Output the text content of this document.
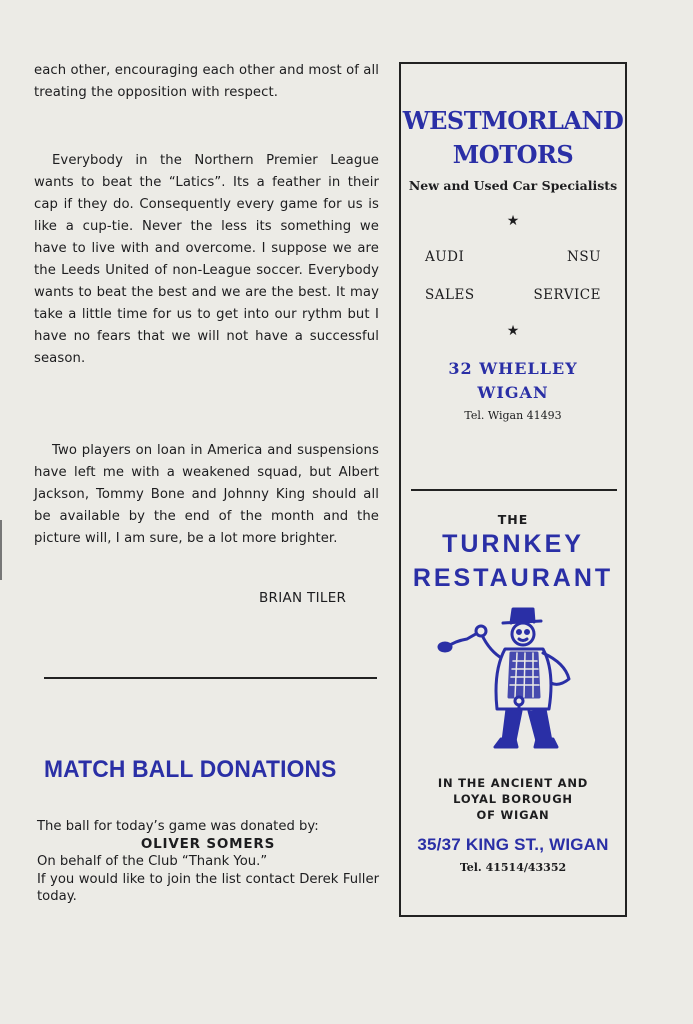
each other, encouraging each other and most of all treating the opposition with respect.

Everybody in the Northern Premier League wants to beat the “Latics”. Its a feather in their cap if they do. Consequently every game for us is like a cup-tie. Never the less its something we have to live with and overcome. I suppose we are the Leeds United of non-League soccer. Everybody wants to beat the best and we are the best. It may take a little time for us to get into our rythm but I have no fears that we will not have a successful season.

Two players on loan in America and suspensions have left me with a weakened squad, but Albert Jackson, Tommy Bone and Johnny King should all be available by the end of the month and the picture will, I am sure, be a lot more brighter.

BRIAN TILER
MATCH BALL DONATIONS
The ball for today’s game was donated by:
OLIVER SOMERS
On behalf of the Club “Thank You.”
If you would like to join the list contact Derek Fuller today.
WESTMORLAND
MOTORS
New and Used Car Specialists
★
AUDI	NSU
SALES	SERVICE
★
32 WHELLEY
WIGAN
Tel. Wigan 41493
THE
TURNKEY
RESTAURANT
IN THE ANCIENT AND
LOYAL BOROUGH
OF WIGAN
35/37 KING ST., WIGAN
Tel. 41514/43352
